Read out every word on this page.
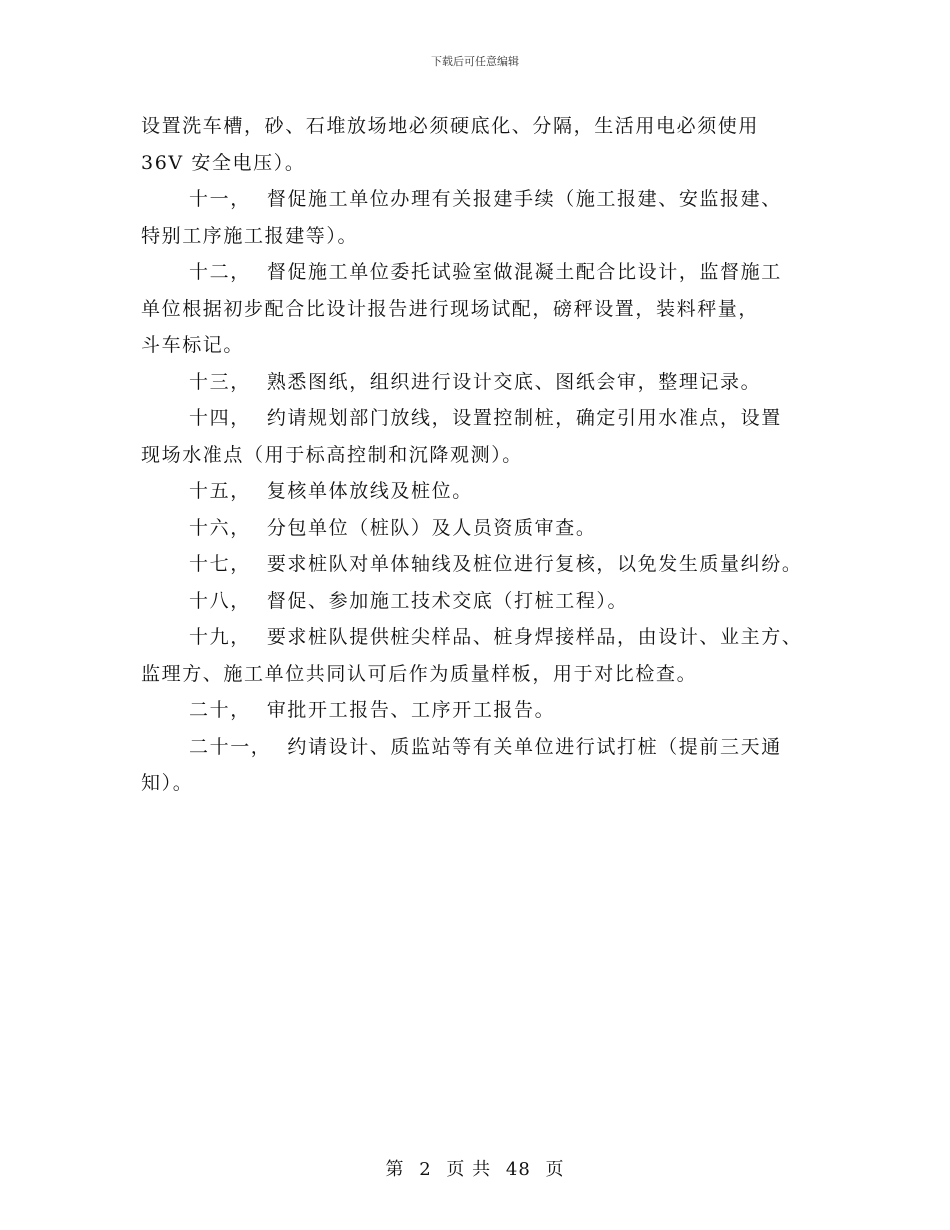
下载后可任意编辑
设置洗车槽，砂、石堆放场地必须硬底化、分隔，生活用电必须使用
36V 安全电压）。
十一， 督促施工单位办理有关报建手续（施工报建、安监报建、
特别工序施工报建等）。
十二， 督促施工单位委托试验室做混凝土配合比设计，监督施工
单位根据初步配合比设计报告进行现场试配，磅秤设置，装料秤量，
斗车标记。
十三， 熟悉图纸，组织进行设计交底、图纸会审，整理记录。
十四， 约请规划部门放线，设置控制桩，确定引用水准点，设置
现场水准点（用于标高控制和沉降观测）。
十五， 复核单体放线及桩位。
十六， 分包单位（桩队）及人员资质审查。
十七， 要求桩队对单体轴线及桩位进行复核，以免发生质量纠纷。
十八， 督促、参加施工技术交底（打桩工程）。
十九， 要求桩队提供桩尖样品、桩身焊接样品，由设计、业主方、
监理方、施工单位共同认可后作为质量样板，用于对比检查。
二十， 审批开工报告、工序开工报告。
二十一， 约请设计、质监站等有关单位进行试打桩（提前三天通
知）。
第 2 页 共 48 页
